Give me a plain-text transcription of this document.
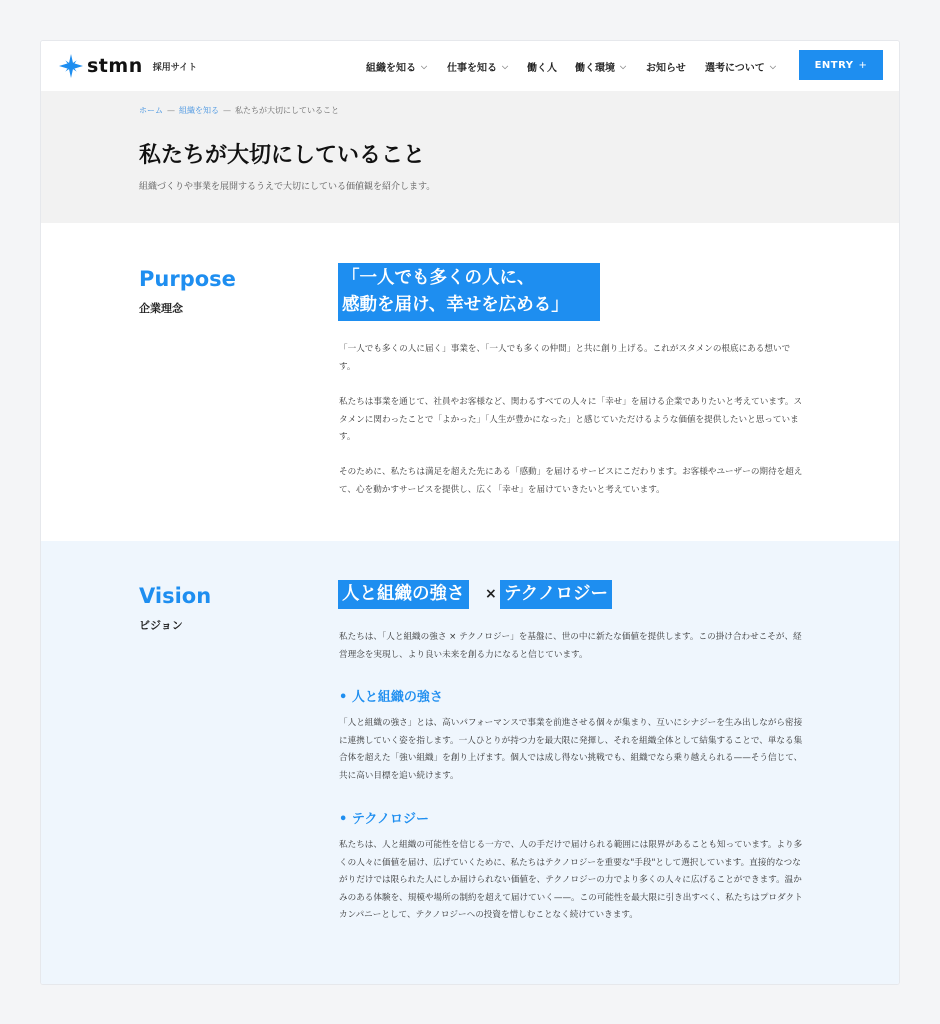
stmn 採用サイト	組織を知る ⌵ 仕事を知る ⌵ 働く人 働く環境 ⌵ お知らせ 選考について ⌵	ENTRY +
ホーム — 組織を知る — 私たちが大切にしていること
私たちが大切にしていること
組織づくりや事業を展開するうえで大切にしている価値観を紹介します。
Purpose
企業理念
「一人でも多くの人に、
感動を届け、幸せを広める」
「一人でも多くの人に届く」事業を、「一人でも多くの仲間」と共に創り上げる。これがスタメンの根底にある想いです。
私たちは事業を通じて、社員やお客様など、関わるすべての人々に「幸せ」を届ける企業でありたいと考えています。スタメンに関わったことで「よかった」「人生が豊かになった」と感じていただけるような価値を提供したいと思っています。
そのために、私たちは満足を超えた先にある「感動」を届けるサービスにこだわります。お客様やユーザーの期待を超えて、心を動かすサービスを提供し、広く「幸せ」を届けていきたいと考えています。
Vision
ビジョン
人と組織の強さ × テクノロジー
私たちは、「人と組織の強さ × テクノロジー」を基盤に、世の中に新たな価値を提供します。この掛け合わせこそが、経営理念を実現し、より良い未来を創る力になると信じています。
• 人と組織の強さ
「人と組織の強さ」とは、高いパフォーマンスで事業を前進させる個々が集まり、互いにシナジーを生み出しながら密接に連携していく姿を指します。一人ひとりが持つ力を最大限に発揮し、それを組織全体として結集することで、単なる集合体を超えた「強い組織」を創り上げます。個人では成し得ない挑戦でも、組織でなら乗り越えられる——そう信じて、共に高い目標を追い続けます。
• テクノロジー
私たちは、人と組織の可能性を信じる一方で、人の手だけで届けられる範囲には限界があることも知っています。より多くの人々に価値を届け、広げていくために、私たちはテクノロジーを重要な"手段"として選択しています。直接的なつながりだけでは限られた人にしか届けられない価値を、テクノロジーの力でより多くの人々に広げることができます。温かみのある体験を、規模や場所の制約を超えて届けていく——。この可能性を最大限に引き出すべく、私たちはプロダクトカンパニーとして、テクノロジーへの投資を惜しむことなく続けていきます。
